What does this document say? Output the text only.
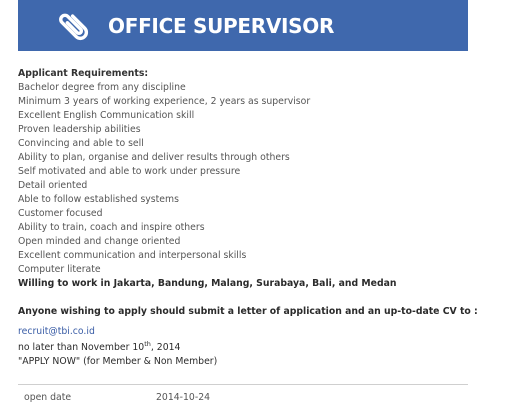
OFFICE SUPERVISOR
Applicant Requirements:
Bachelor degree from any discipline
Minimum 3 years of working experience, 2 years as supervisor
Excellent English Communication skill
Proven leadership abilities
Convincing and able to sell
Ability to plan, organise and deliver results through others
Self motivated and able to work under pressure
Detail oriented
Able to follow established systems
Customer focused
Ability to train, coach and inspire others
Open minded and change oriented
Excellent communication and interpersonal skills
Computer literate
Willing to work in Jakarta, Bandung, Malang, Surabaya, Bali, and Medan
Anyone wishing to apply should submit a letter of application and an up-to-date CV to :
recruit@tbi.co.id
no later than November 10th, 2014
"APPLY NOW" (for Member & Non Member)
open date	2014-10-24
